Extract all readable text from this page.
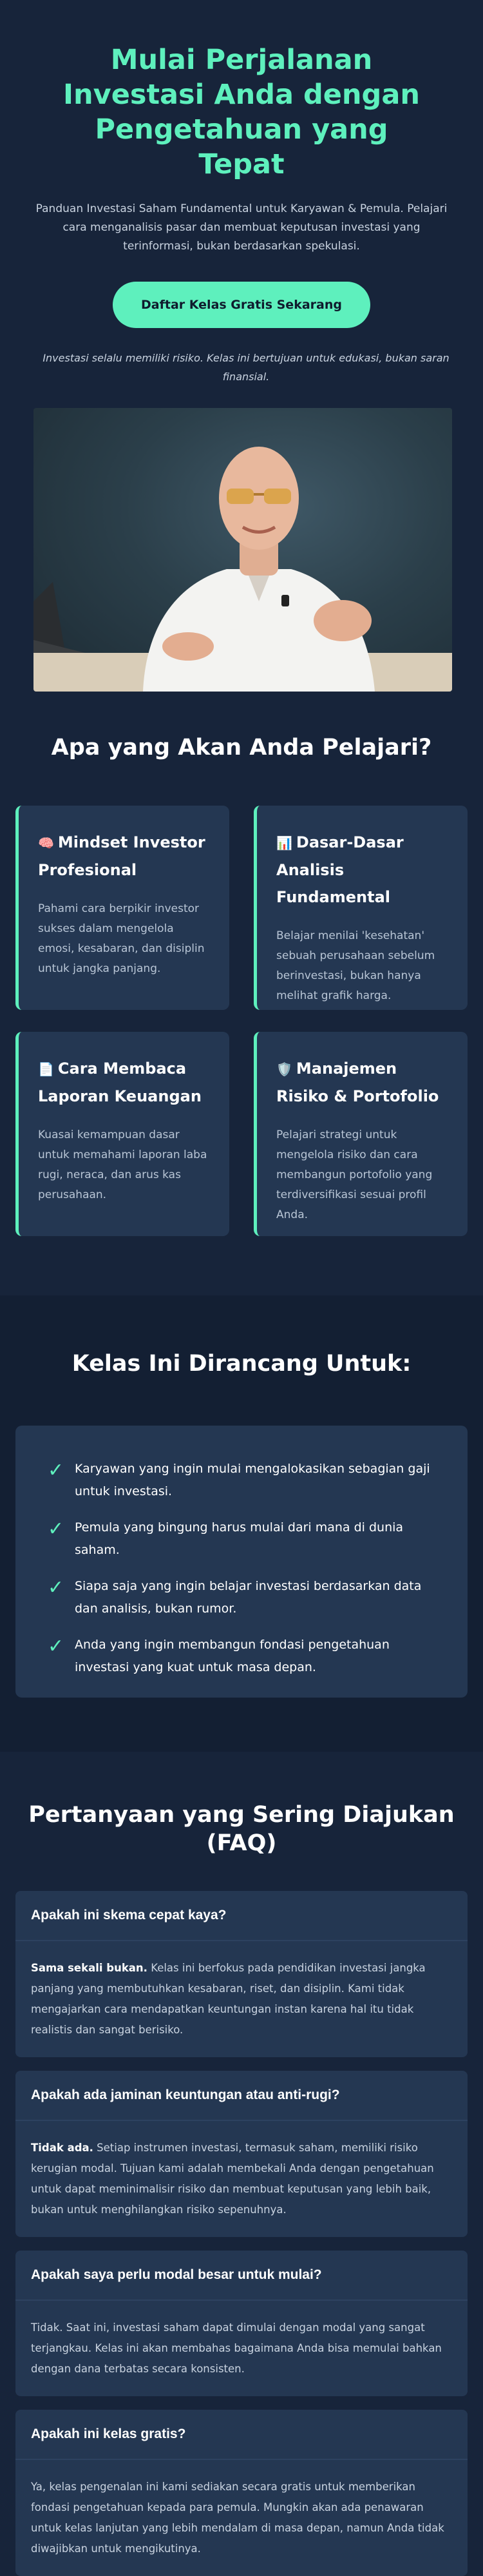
Mulai Perjalanan Investasi Anda dengan Pengetahuan yang Tepat

Panduan Investasi Saham Fundamental untuk Karyawan & Pemula. Pelajari cara menganalisis pasar dan membuat keputusan investasi yang terinformasi, bukan berdasarkan spekulasi.

Daftar Kelas Gratis Sekarang

Investasi selalu memiliki risiko. Kelas ini bertujuan untuk edukasi, bukan saran finansial.

Apa yang Akan Anda Pelajari?
🧠 Mindset Investor Profesional

Pahami cara berpikir investor sukses dalam mengelola emosi, kesabaran, dan disiplin untuk jangka panjang.

📊 Dasar-Dasar Analisis Fundamental

Belajar menilai 'kesehatan' sebuah perusahaan sebelum berinvestasi, bukan hanya melihat grafik harga.

📄 Cara Membaca Laporan Keuangan

Kuasai kemampuan dasar untuk memahami laporan laba rugi, neraca, dan arus kas perusahaan.

🛡️ Manajemen Risiko & Portofolio

Pelajari strategi untuk mengelola risiko dan cara membangun portofolio yang terdiversifikasi sesuai profil Anda.

Kelas Ini Dirancang Untuk:
✓ Karyawan yang ingin mulai mengalokasikan sebagian gaji untuk investasi.
✓ Pemula yang bingung harus mulai dari mana di dunia saham.
✓ Siapa saja yang ingin belajar investasi berdasarkan data dan analisis, bukan rumor.
✓ Anda yang ingin membangun fondasi pengetahuan investasi yang kuat untuk masa depan.
Pertanyaan yang Sering Diajukan (FAQ)
Apakah ini skema cepat kaya?
Sama sekali bukan. Kelas ini berfokus pada pendidikan investasi jangka panjang yang membutuhkan kesabaran, riset, dan disiplin. Kami tidak mengajarkan cara mendapatkan keuntungan instan karena hal itu tidak realistis dan sangat berisiko.
Apakah ada jaminan keuntungan atau anti-rugi?
Tidak ada. Setiap instrumen investasi, termasuk saham, memiliki risiko kerugian modal. Tujuan kami adalah membekali Anda dengan pengetahuan untuk dapat meminimalisir risiko dan membuat keputusan yang lebih baik, bukan untuk menghilangkan risiko sepenuhnya.
Apakah saya perlu modal besar untuk mulai?
Tidak. Saat ini, investasi saham dapat dimulai dengan modal yang sangat terjangkau. Kelas ini akan membahas bagaimana Anda bisa memulai bahkan dengan dana terbatas secara konsisten.
Apakah ini kelas gratis?
Ya, kelas pengenalan ini kami sediakan secara gratis untuk memberikan fondasi pengetahuan kepada para pemula. Mungkin akan ada penawaran untuk kelas lanjutan yang lebih mendalam di masa depan, namun Anda tidak diwajibkan untuk mengikutinya.
